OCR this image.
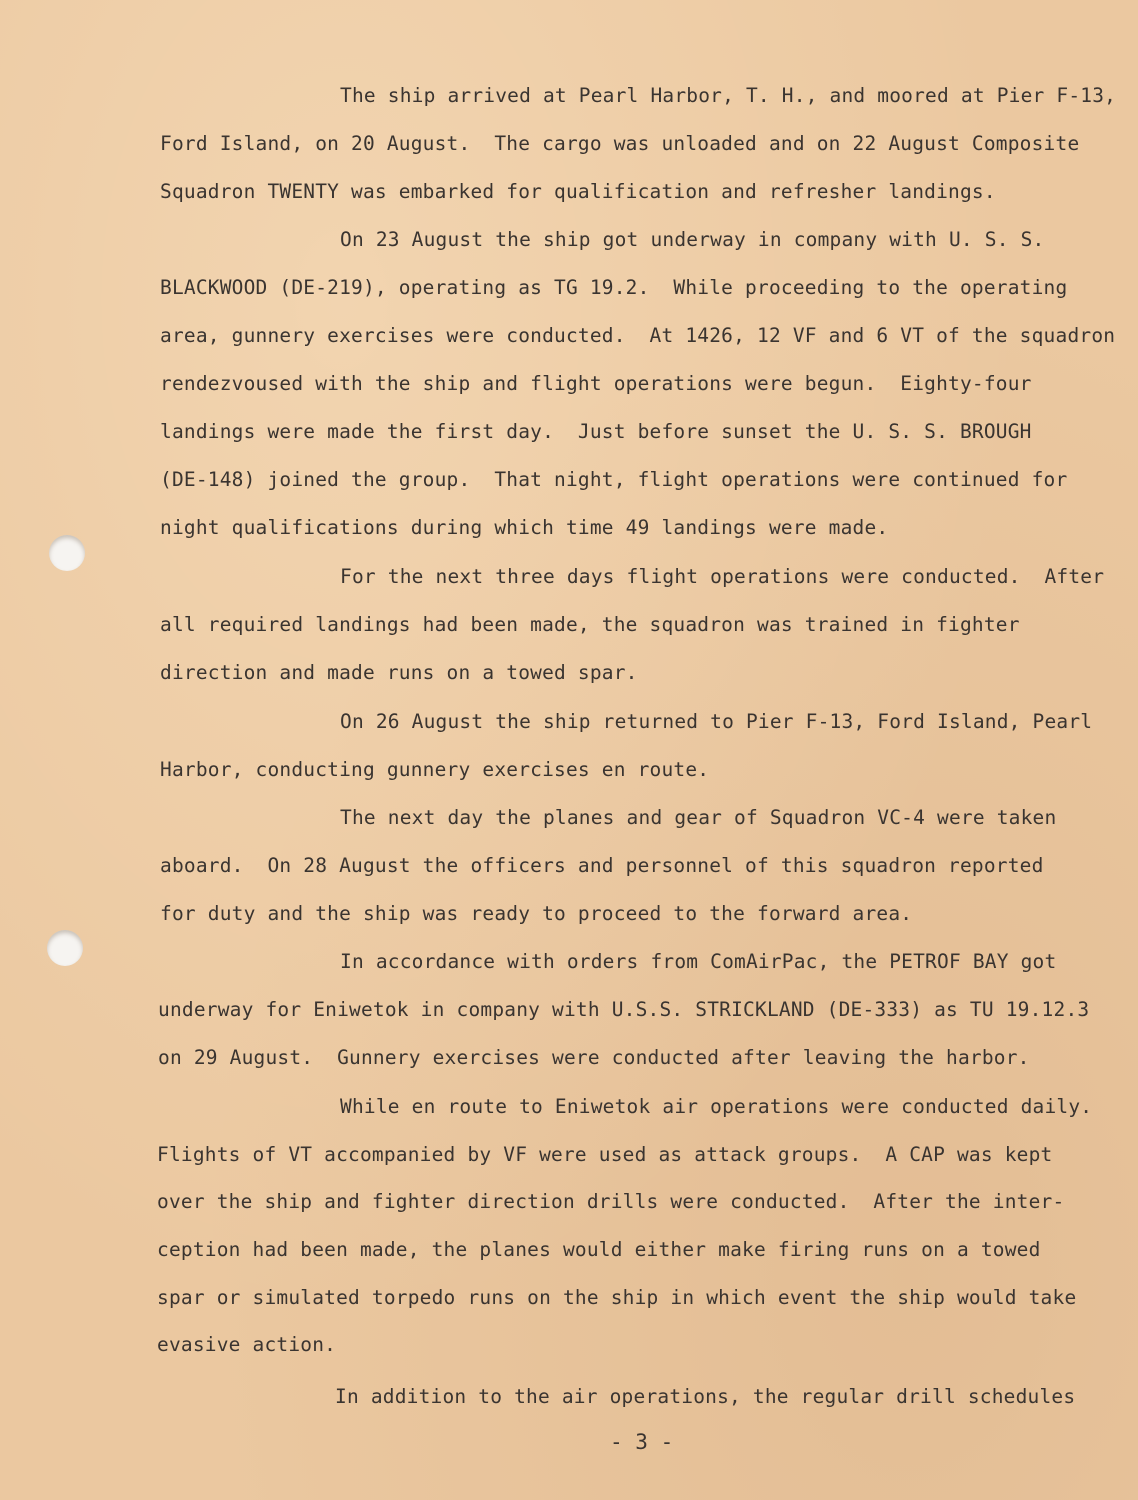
The ship arrived at Pearl Harbor, T. H., and moored at Pier F-13,
Ford Island, on 20 August.  The cargo was unloaded and on 22 August Composite
Squadron TWENTY was embarked for qualification and refresher landings.
On 23 August the ship got underway in company with U. S. S.
BLACKWOOD (DE-219), operating as TG 19.2.  While proceeding to the operating
area, gunnery exercises were conducted.  At 1426, 12 VF and 6 VT of the squadron
rendezvoused with the ship and flight operations were begun.  Eighty-four
landings were made the first day.  Just before sunset the U. S. S. BROUGH
(DE-148) joined the group.  That night, flight operations were continued for
night qualifications during which time 49 landings were made.
For the next three days flight operations were conducted.  After
all required landings had been made, the squadron was trained in fighter
direction and made runs on a towed spar.
On 26 August the ship returned to Pier F-13, Ford Island, Pearl
Harbor, conducting gunnery exercises en route.
The next day the planes and gear of Squadron VC-4 were taken
aboard.  On 28 August the officers and personnel of this squadron reported
for duty and the ship was ready to proceed to the forward area.
In accordance with orders from ComAirPac, the PETROF BAY got
underway for Eniwetok in company with U.S.S. STRICKLAND (DE-333) as TU 19.12.3
on 29 August.  Gunnery exercises were conducted after leaving the harbor.
While en route to Eniwetok air operations were conducted daily.
Flights of VT accompanied by VF were used as attack groups.  A CAP was kept
over the ship and fighter direction drills were conducted.  After the inter-
ception had been made, the planes would either make firing runs on a towed
spar or simulated torpedo runs on the ship in which event the ship would take
evasive action.
In addition to the air operations, the regular drill schedules
- 3 -
